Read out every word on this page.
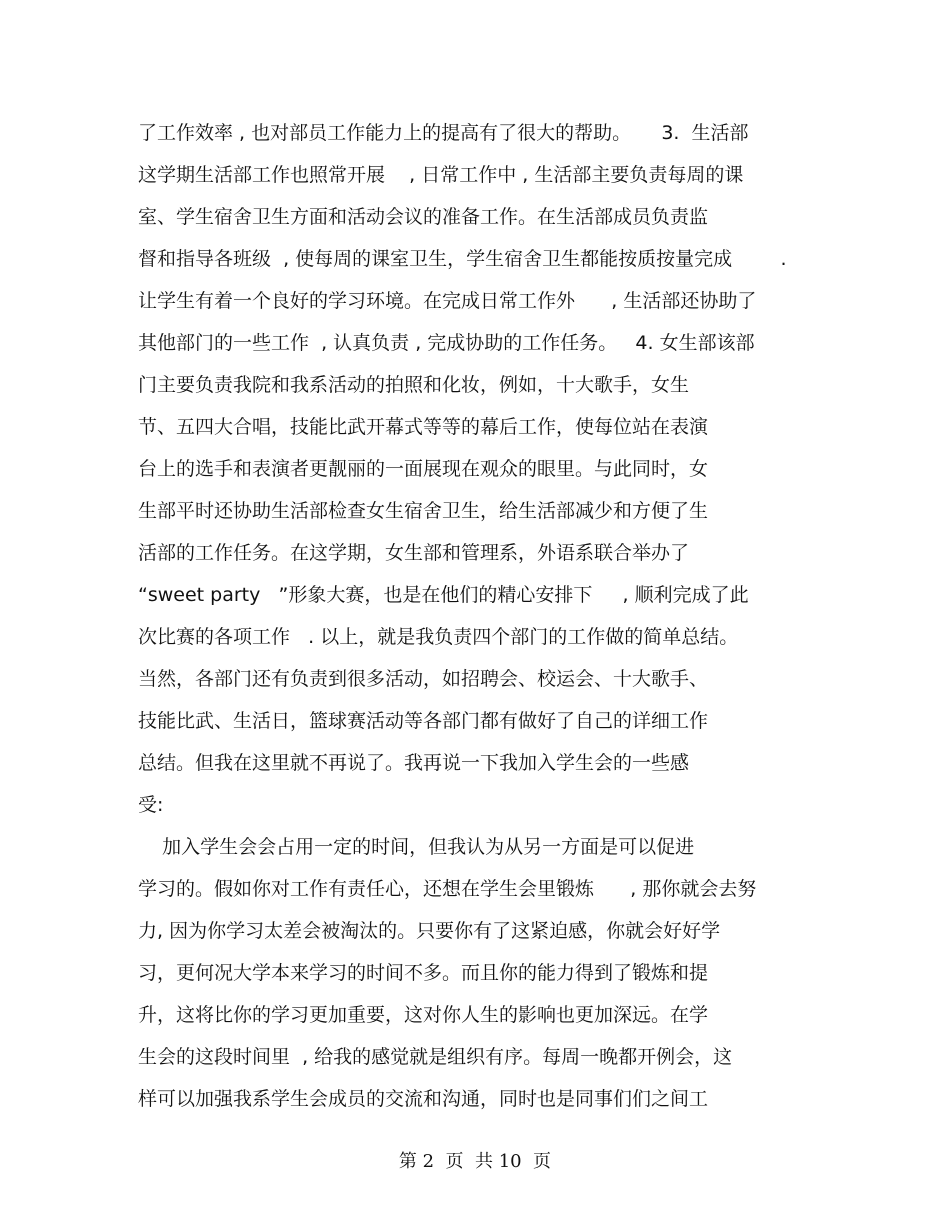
了工作效率 , 也对部员工作能力上的提高有了很大的帮助。     3.  生活部
这学期生活部工作也照常开展    , 日常工作中 , 生活部主要负责每周的课
室、学生宿舍卫生方面和活动会议的准备工作。在生活部成员负责监
督和指导各班级  , 使每周的课室卫生，学生宿舍卫生都能按质按量完成        .
让学生有着一个良好的学习环境。在完成日常工作外      , 生活部还协助了
其他部门的一些工作  , 认真负责 , 完成协助的工作任务。   4. 女生部该部
门主要负责我院和我系活动的拍照和化妆，例如，十大歌手，女生
节、五四大合唱，技能比武开幕式等等的幕后工作，使每位站在表演
台上的选手和表演者更靓丽的一面展现在观众的眼里。与此同时，女
生部平时还协助生活部检查女生宿舍卫生，给生活部减少和方便了生
活部的工作任务。在这学期，女生部和管理系，外语系联合举办了
“sweet party   ”形象大赛，也是在他们的精心安排下     , 顺利完成了此
次比赛的各项工作   . 以上，就是我负责四个部门的工作做的简单总结。
当然，各部门还有负责到很多活动，如招聘会、校运会、十大歌手、
技能比武、生活日，篮球赛活动等各部门都有做好了自己的详细工作
总结。但我在这里就不再说了。我再说一下我加入学生会的一些感
受:
加入学生会会占用一定的时间，但我认为从另一方面是可以促进
学习的。假如你对工作有责任心，还想在学生会里锻炼      , 那你就会去努
力, 因为你学习太差会被淘汰的。只要你有了这紧迫感，你就会好好学
习，更何况大学本来学习的时间不多。而且你的能力得到了锻炼和提
升，这将比你的学习更加重要，这对你人生的影响也更加深远。在学
生会的这段时间里  , 给我的感觉就是组织有序。每周一晚都开例会，这
样可以加强我系学生会成员的交流和沟通，同时也是同事们们之间工
第 2  页  共 10  页
